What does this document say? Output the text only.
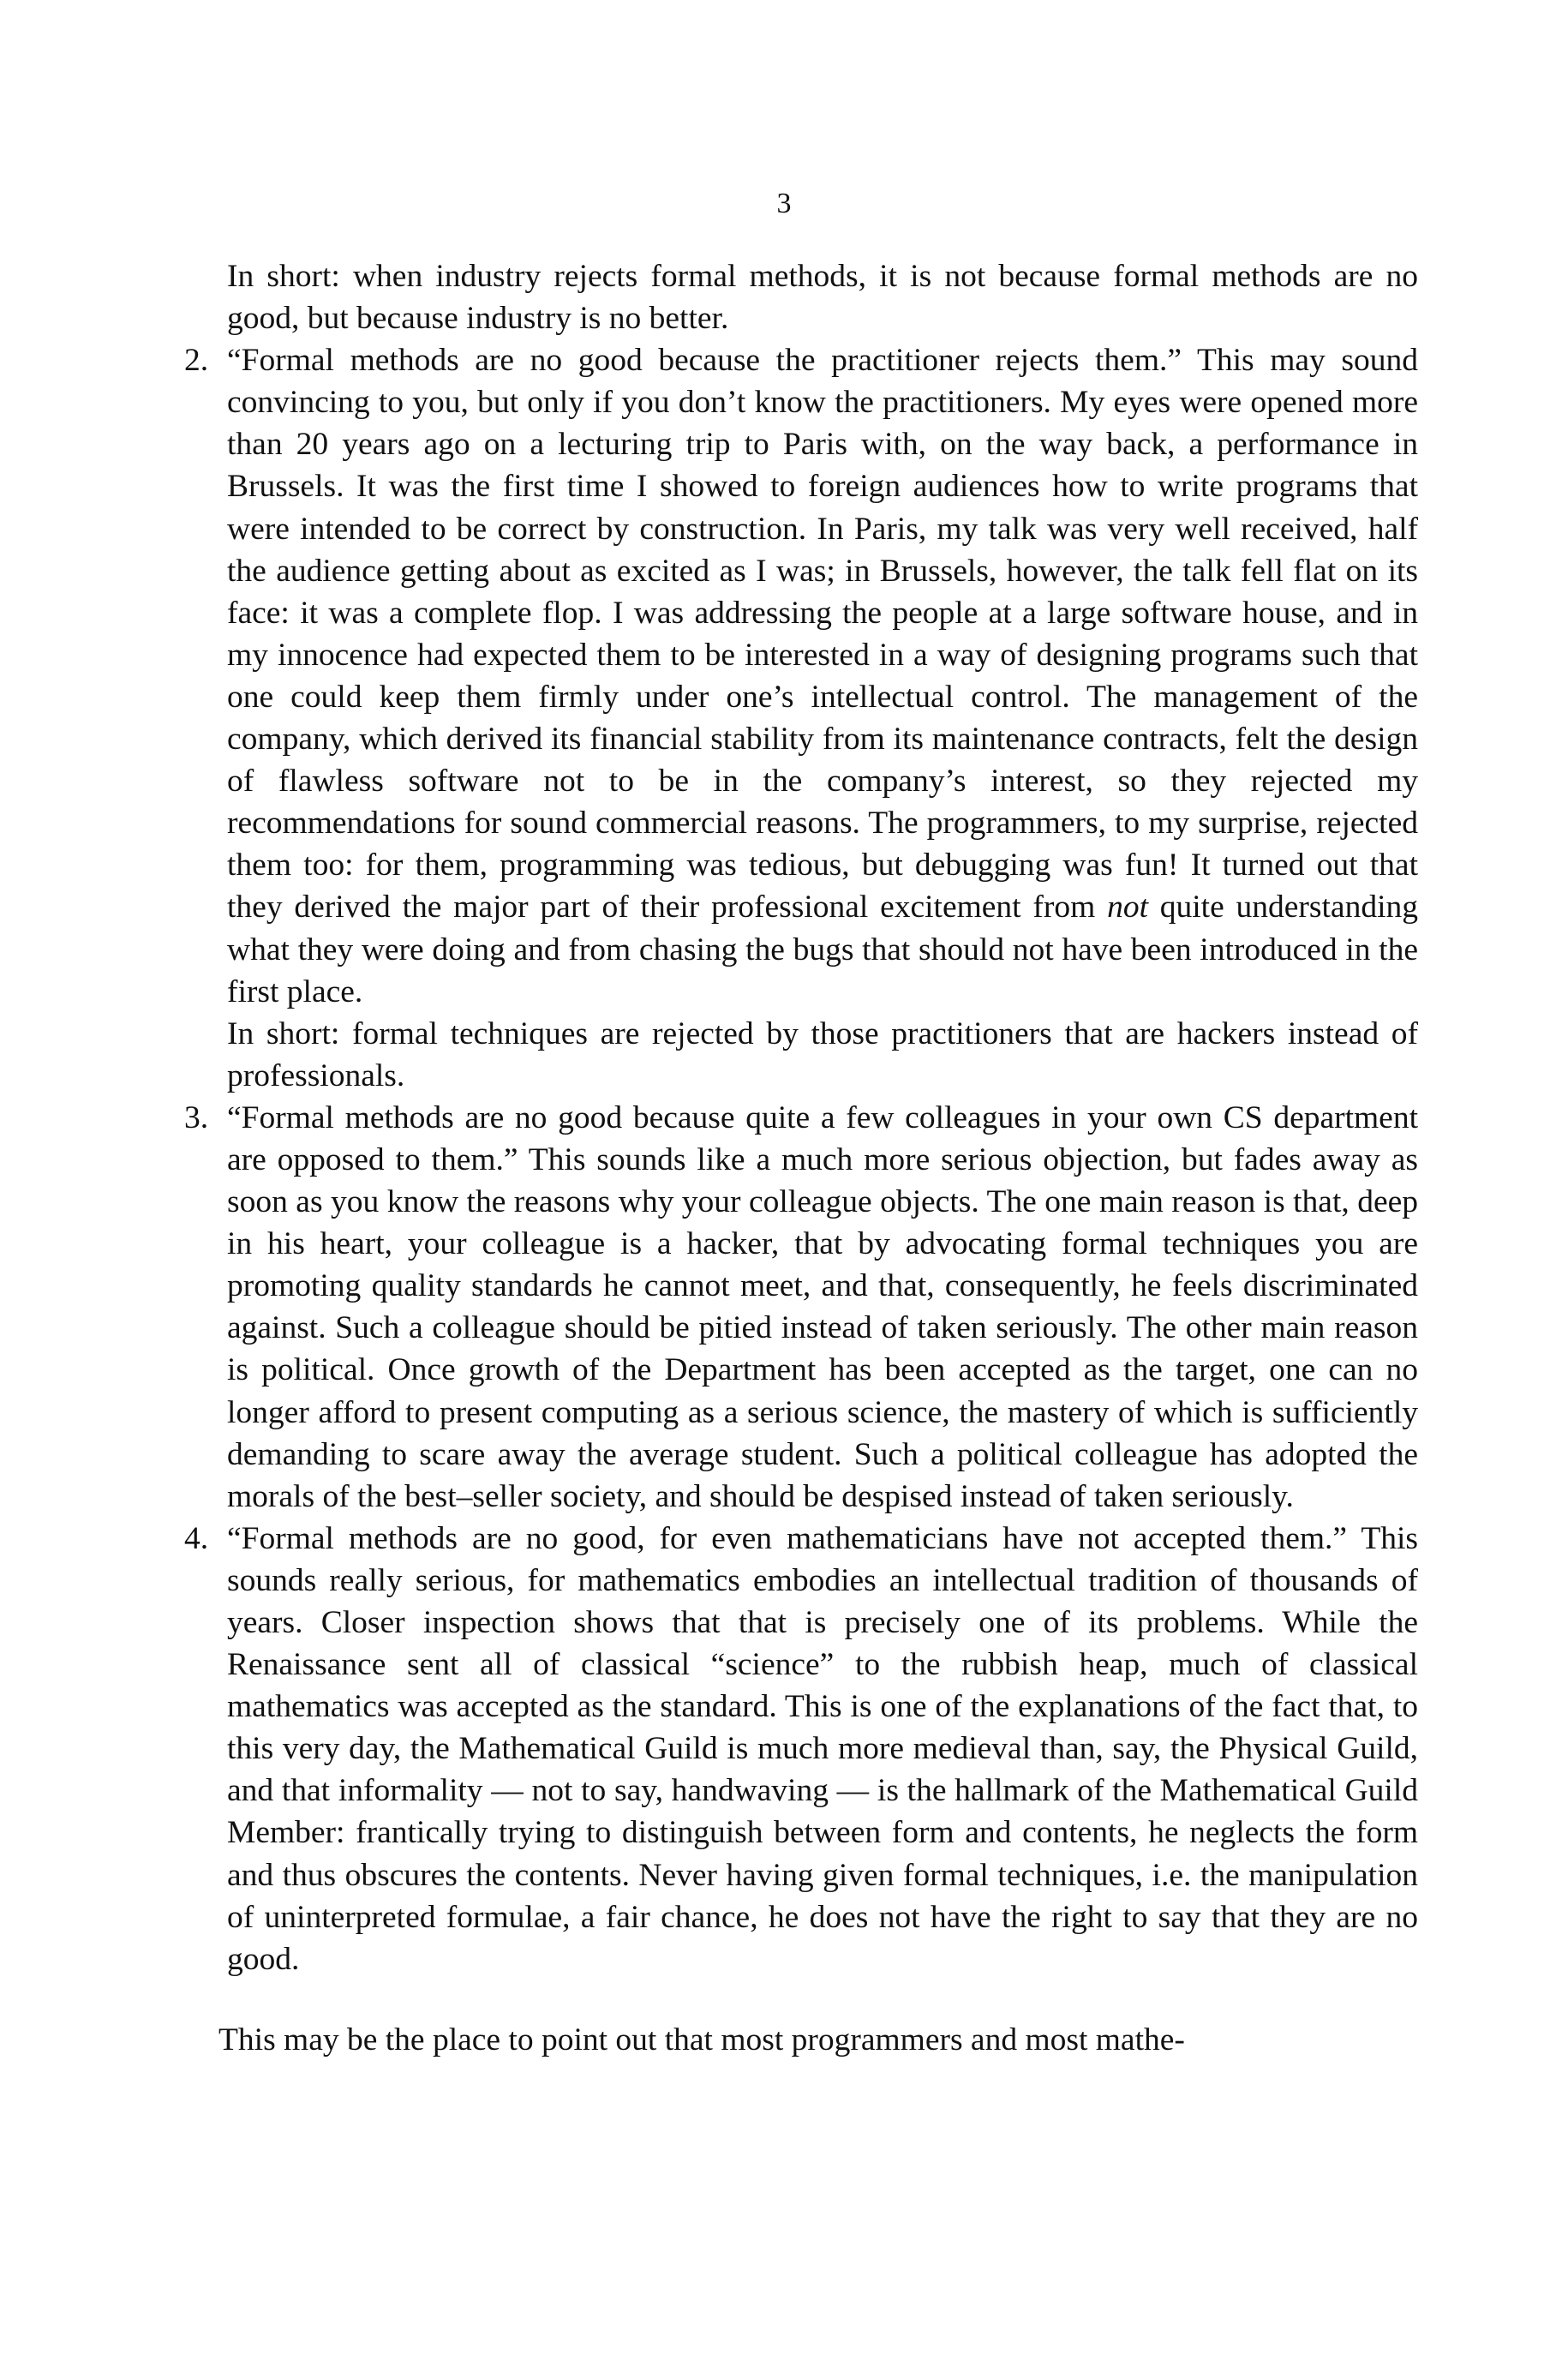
3

In short: when industry rejects formal methods, it is not because formal methods are no good, but because industry is no better.

2. “Formal methods are no good because the practitioner rejects them.” This may sound convincing to you, but only if you don’t know the practitioners. My eyes were opened more than 20 years ago on a lecturing trip to Paris with, on the way back, a performance in Brussels. It was the first time I showed to foreign audiences how to write programs that were intended to be correct by construction. In Paris, my talk was very well received, half the audience getting about as excited as I was; in Brussels, however, the talk fell flat on its face: it was a complete flop. I was addressing the people at a large software house, and in my innocence had expected them to be interested in a way of designing programs such that one could keep them firmly under one’s intellectual control. The management of the company, which derived its financial stability from its maintenance contracts, felt the design of flawless software not to be in the company’s interest, so they rejected my recommendations for sound commercial reasons. The programmers, to my surprise, rejected them too: for them, programming was tedious, but debugging was fun! It turned out that they derived the major part of their professional excitement from not quite understanding what they were doing and from chasing the bugs that should not have been introduced in the first place.

In short: formal techniques are rejected by those practitioners that are hackers instead of professionals.

3. “Formal methods are no good because quite a few colleagues in your own CS department are opposed to them.” This sounds like a much more serious objection, but fades away as soon as you know the reasons why your colleague objects. The one main reason is that, deep in his heart, your colleague is a hacker, that by advocating formal techniques you are promoting quality standards he cannot meet, and that, consequently, he feels discriminated against. Such a colleague should be pitied instead of taken seriously. The other main reason is political. Once growth of the Department has been accepted as the target, one can no longer afford to present computing as a serious science, the mastery of which is sufficiently demanding to scare away the average student. Such a political colleague has adopted the morals of the best–seller society, and should be despised instead of taken seriously.

4. “Formal methods are no good, for even mathematicians have not accepted them.” This sounds really serious, for mathematics embodies an intellectual tradition of thousands of years. Closer inspection shows that that is precisely one of its problems. While the Renaissance sent all of classical “science” to the rubbish heap, much of classical mathematics was accepted as the standard. This is one of the explanations of the fact that, to this very day, the Mathematical Guild is much more medieval than, say, the Physical Guild, and that informality — not to say, handwaving — is the hallmark of the Mathematical Guild Member: frantically trying to distinguish between form and contents, he neglects the form and thus obscures the contents. Never having given formal techniques, i.e. the manipulation of uninterpreted formulae, a fair chance, he does not have the right to say that they are no good.

This may be the place to point out that most programmers and most mathe-
